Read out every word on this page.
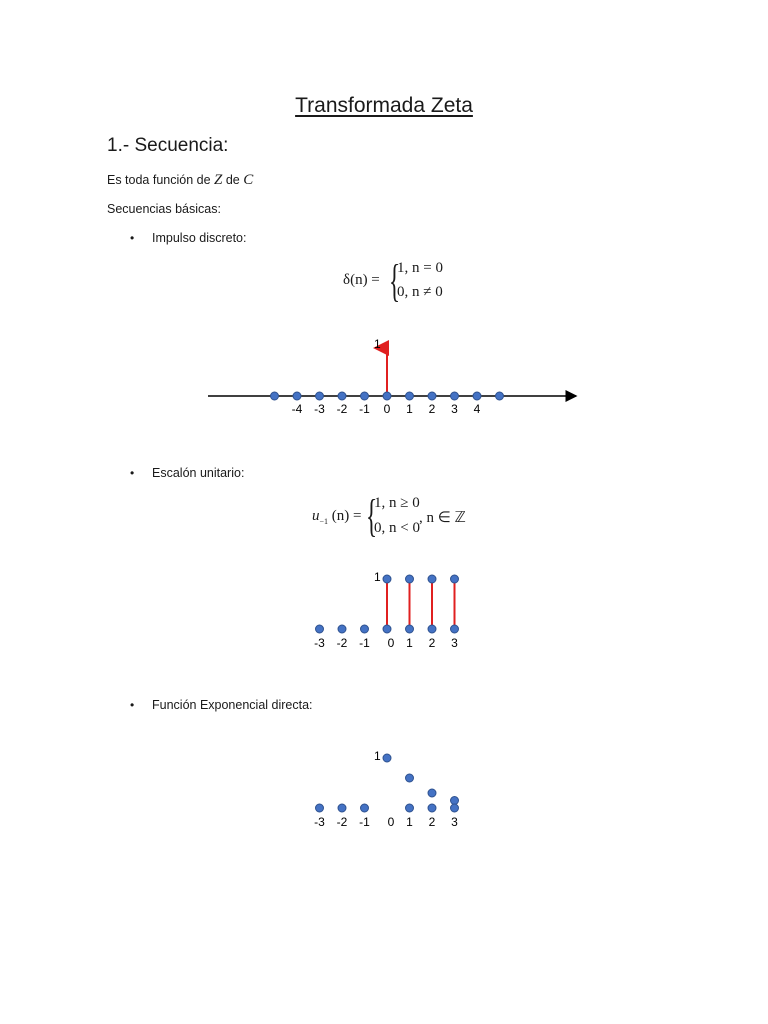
Transformada Zeta
1.- Secuencia:
Es toda función de Z de C
Secuencias básicas:
• Impulso discreto:
δ(n) = {
1, n = 0
0, n ≠ 0
• Escalón unitario:
$u_{-1}$ (n) = {
1, n ≥ 0
0, n < 0
, n ∈ ℤ
• Función Exponencial directa:
-4 -3 -2 -1 0 1 2 3 4
1
-3 -2 -1 0 1 2 3
1
-3 -2 -1 0 1 2 3
1
